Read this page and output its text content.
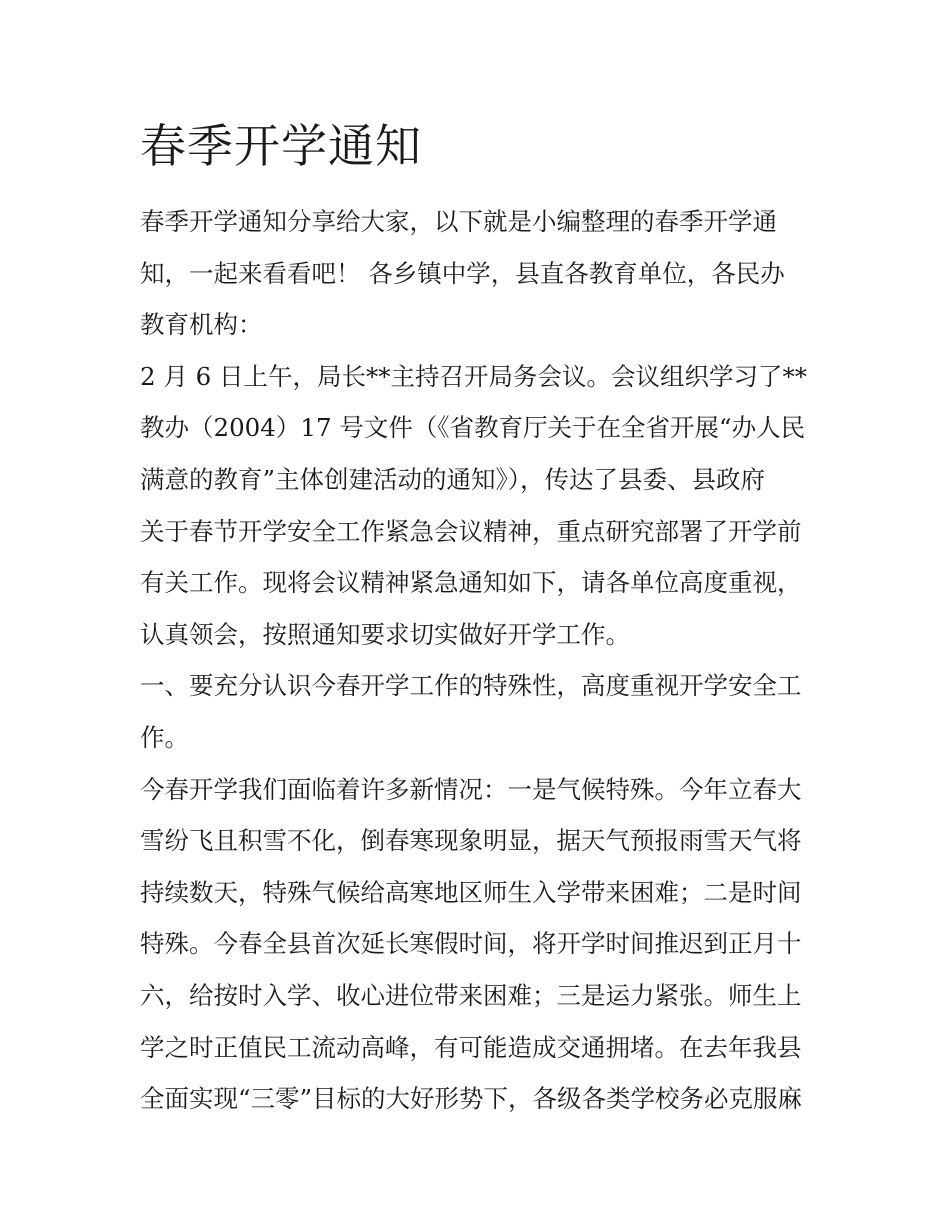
春季开学通知
春季开学通知分享给大家，以下就是小编整理的春季开学通
知，一起来看看吧！ 各乡镇中学，县直各教育单位，各民办
教育机构：
2 月 6 日上午，局长**主持召开局务会议。会议组织学习了**
教办（2004）17 号文件（《省教育厅关于在全省开展“办人民
满意的教育”主体创建活动的通知》），传达了县委、县政府
关于春节开学安全工作紧急会议精神，重点研究部署了开学前
有关工作。现将会议精神紧急通知如下，请各单位高度重视，
认真领会，按照通知要求切实做好开学工作。
一、要充分认识今春开学工作的特殊性，高度重视开学安全工
作。
今春开学我们面临着许多新情况：一是气候特殊。今年立春大
雪纷飞且积雪不化，倒春寒现象明显，据天气预报雨雪天气将
持续数天，特殊气候给高寒地区师生入学带来困难；二是时间
特殊。今春全县首次延长寒假时间，将开学时间推迟到正月十
六，给按时入学、收心进位带来困难；三是运力紧张。师生上
学之时正值民工流动高峰，有可能造成交通拥堵。在去年我县
全面实现“三零”目标的大好形势下，各级各类学校务必克服麻
